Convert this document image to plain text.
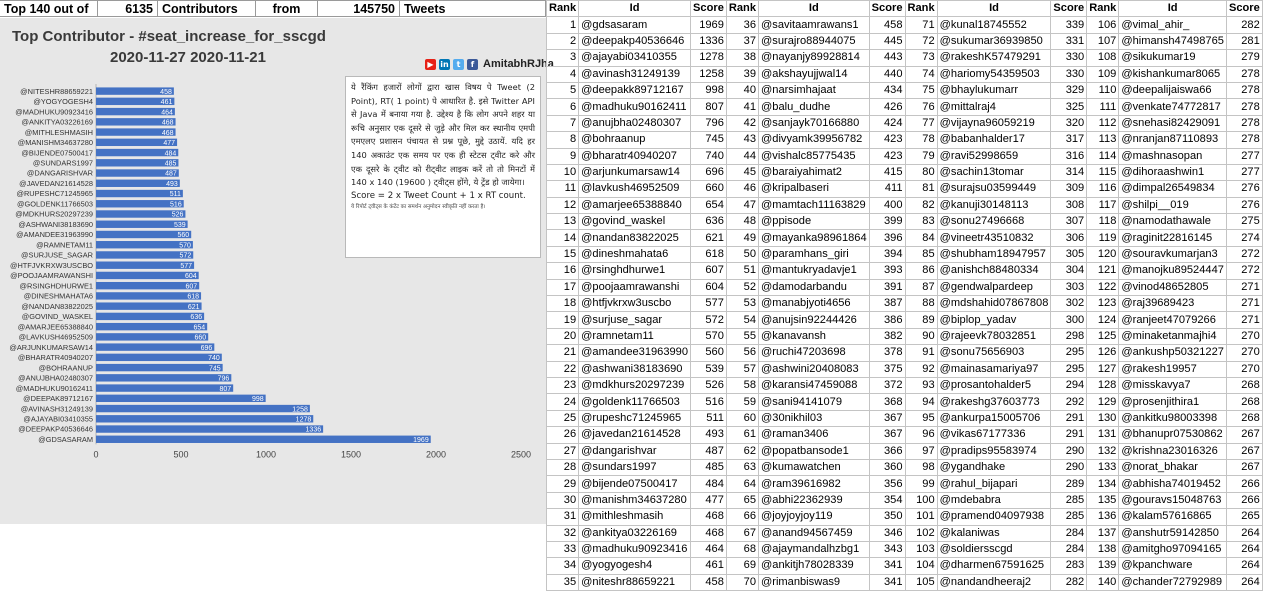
Top 140 out of	6135 Contributors	from	145750 Tweets
Top Contributor - #seat_increase_for_sscgd
2020-11-27 2020-11-21	▶ in t	f AmitabhRJha
458
@NITESHR88659221
461
@YOGYOGESH4
464
@MADHUKU90923416
468
@ANKITYA03226169
468
@MITHLESHMASIH
477
@MANISHM34637280
484
@BIJENDE07500417
485
@SUNDARS1997
487
@DANGARISHVAR
493
@JAVEDAN21614528
511
@RUPESHC71245965
516
@GOLDENK11766503
526
@MDKHURS20297239
539
@ASHWANI38183690
560
@AMANDEE31963990
570
@RAMNETAM11
572
@SURJUSE_SAGAR
577
@HTFJVKRXW3USCBO
604
@POOJAAMRAWANSHI
607
@RSINGHDHURWE1
618
@DINESHMAHATA6
621
@NANDAN83822025
636
@GOVIND_WASKEL
654
@AMARJEE65388840
660
@LAVKUSH46952509
696
@ARJUNKUMARSAW14
740
@BHARATR40940207
745
@BOHRAANUP
796
@ANUJBHA02480307
807
@MADHUKU90162411
998
@DEEPAK89712167
1258
@AVINASH31249139
1278
@AJAYABI03410355
1336
@DEEPAKP40536646
1969
@GDSASARAM
0	500	1000	1500	2000	2500
ये रैंकिंग हजारों लोगों द्वारा खास विषय पे Tweet (2 Point), RT( 1 point) पे आधारित है. इसे Twitter API से Java में बनाया गया है. उद्देश्य है कि लोग अपने शहर या रूचि अनुसार एक दूसरे से जुड़े और मिल कर स्थानीय एमपी एमएलए प्रशासन पंचायत से प्रश्न पूछे, मुद्दे उठायें. यदि हर 140 अकाउंट एक समय पर एक ही स्टेटस ट्वीट करे और एक दूसरे के ट्वीट को रीट्वीट लाइक करें तो तो मिनटों में 140 x 140 (19600 ) ट्वीट्स होंगे, ये ट्रेंड हो जायेगा।
Score = 2 x Tweet Count + 1 x RT count.
ये रिपोर्ट ट्वीट्स के कंटेंट का समर्थन अनुमोदन स्वीकृति नहीं करता है।
Rank	Id	Score	Rank	Id	Score	Rank	Id	Score	Rank	Id	Score
1	@gdsasaram	1969	36	@savitaamrawans1	458	71	@kunal18745552	339	106	@vimal_ahir_	282
2	@deepakp40536646	1336	37	@surajro88944075	445	72	@sukumar36939850	331	107	@himansh47498765	281
3	@ajayabi03410355	1278	38	@nayanjy89928814	443	73	@rakeshK57479291	330	108	@sikukumar19	279
4	@avinash31249139	1258	39	@akshayujjwal14	440	74	@hariomy54359503	330	109	@kishankumar8065	278
5	@deepakk89712167	998	40	@narsimhajaat	434	75	@bhaylukumarr	329	110	@deepalijaiswa66	278
6	@madhuku90162411	807	41	@balu_dudhe	426	76	@mittalraj4	325	111	@venkate74772817	278
7	@anujbha02480307	796	42	@sanjayk70166880	424	77	@vijayna96059219	320	112	@snehasi82429091	278
8	@bohraanup	745	43	@divyamk39956782	423	78	@babanhalder17	317	113	@nranjan87110893	278
9	@bharatr40940207	740	44	@vishalc85775435	423	79	@ravi52998659	316	114	@mashnasopan	277
10	@arjunkumarsaw14	696	45	@baraiyahimat2	415	80	@sachin13tomar	314	115	@dihoraashwin1	277
11	@lavkush46952509	660	46	@kripalbaseri	411	81	@surajsu03599449	309	116	@dimpal26549834	276
12	@amarjee65388840	654	47	@mamtach11163829	400	82	@kanuji30148113	308	117	@shilpi__019	276
13	@govind_waskel	636	48	@ppisode	399	83	@sonu27496668	307	118	@namodathawale	275
14	@nandan83822025	621	49	@mayanka98961864	396	84	@vineetr43510832	306	119	@raginit22816145	274
15	@dineshmahata6	618	50	@paramhans_giri	394	85	@shubham18947957	305	120	@souravkumarjan3	272
16	@rsinghdhurwe1	607	51	@mantukryadavje1	393	86	@anishch88480334	304	121	@manojku89524447	272
17	@poojaamrawanshi	604	52	@damodarbandu	391	87	@gendwalpardeep	303	122	@vinod48652805	271
18	@htfjvkrxw3uscbo	577	53	@manabjyoti4656	387	88	@mdshahid07867808	302	123	@raj39689423	271
19	@surjuse_sagar	572	54	@anujsin92244426	386	89	@biplop_yadav	300	124	@ranjeet47079266	271
20	@ramnetam11	570	55	@kanavansh	382	90	@rajeevk78032851	298	125	@minaketanmajhi4	270
21	@amandee31963990	560	56	@ruchi47203698	378	91	@sonu75656903	295	126	@ankushp50321227	270
22	@ashwani38183690	539	57	@ashwini20408083	375	92	@mainasamariya97	295	127	@rakesh19957	270
23	@mdkhurs20297239	526	58	@karansi47459088	372	93	@prosantohalder5	294	128	@misskavya7	268
24	@goldenk11766503	516	59	@sani94141079	368	94	@rakeshg37603773	292	129	@prosenjithira1	268
25	@rupeshc71245965	511	60	@30nikhil03	367	95	@ankurpa15005706	291	130	@ankitku98003398	268
26	@javedan21614528	493	61	@raman3406	367	96	@vikas67177336	291	131	@bhanupr07530862	267
27	@dangarishvar	487	62	@popatbansode1	366	97	@pradips95583974	290	132	@krishna23016326	267
28	@sundars1997	485	63	@kumawatchen	360	98	@ygandhake	290	133	@norat_bhakar	267
29	@bijende07500417	484	64	@ram39616982	356	99	@rahul_bijapari	289	134	@abhisha74019452	266
30	@manishm34637280	477	65	@abhi22362939	354	100	@mdebabra	285	135	@gouravs15048763	266
31	@mithleshmasih	468	66	@joyjoyjoy119	350	101	@pramend04097938	285	136	@kalam57616865	265
32	@ankitya03226169	468	67	@anand94567459	346	102	@kalaniwas	284	137	@anshutr59142850	264
33	@madhuku90923416	464	68	@ajaymandalhzbg1	343	103	@soldiersscgd	284	138	@amitgho97094165	264
34	@yogyogesh4	461	69	@ankitjh78028339	341	104	@dharmen67591625	283	139	@kpanchware	264
35	@niteshr88659221	458	70	@rimanbiswas9	341	105	@nandandheeraj2	282	140	@chander72792989	264
